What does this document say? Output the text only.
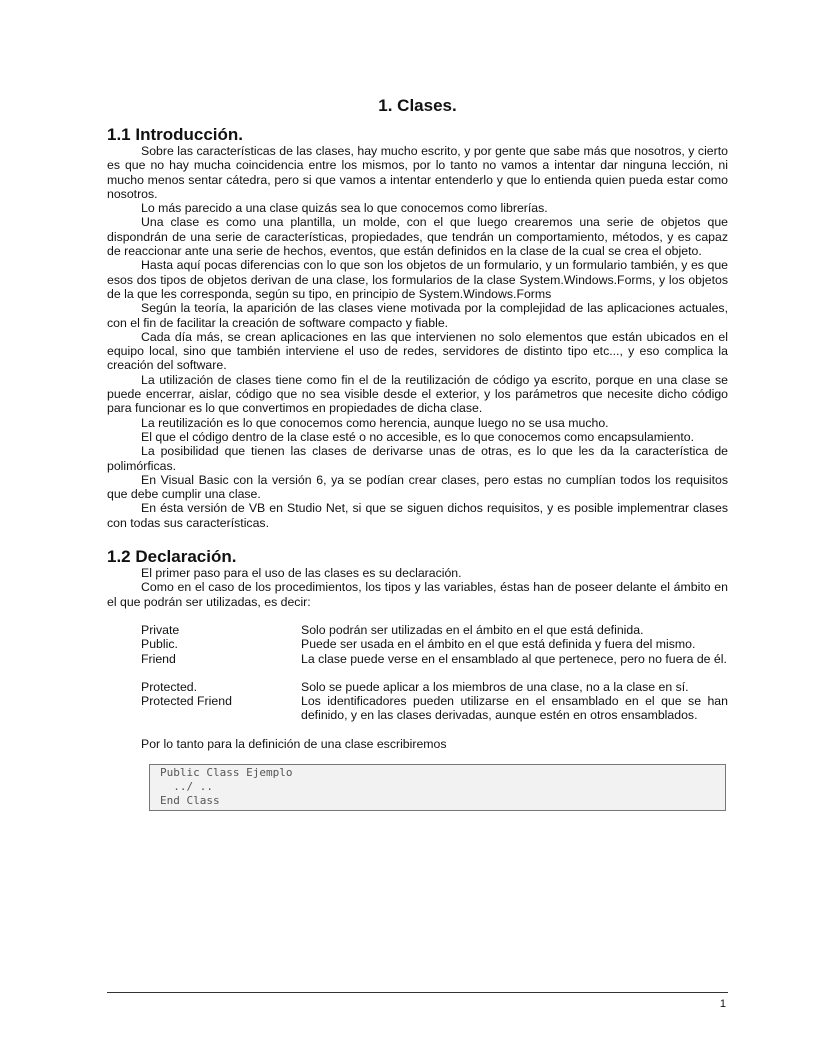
1. Clases.
1.1 Introducción.

Sobre las características de las clases, hay mucho escrito, y por gente que sabe más que nosotros, y cierto es que no hay mucha coincidencia entre los mismos, por lo tanto no vamos a intentar dar ninguna lección, ni mucho menos sentar cátedra, pero si que vamos a intentar entenderlo y que lo entienda quien pueda estar como nosotros.

Lo más parecido a una clase quizás sea lo que conocemos como librerías.

Una clase es como una plantilla, un molde, con el que luego crearemos una serie de objetos que dispondrán de una serie de características, propiedades, que tendrán un comportamiento, métodos, y es capaz de reaccionar ante una serie de hechos, eventos, que están definidos en la clase de la cual se crea el objeto.

Hasta aquí pocas diferencias con lo que son los objetos de un formulario, y un formulario también, y es que esos dos tipos de objetos derivan de una clase, los formularios de la clase System.Windows.Forms, y los objetos de la que les corresponda, según su tipo, en principio de System.Windows.Forms

Según la teoría, la aparición de las clases viene motivada por la complejidad de las aplicaciones actuales, con el fin de facilitar la creación de software compacto y fiable.

Cada día más, se crean aplicaciones en las que intervienen no solo elementos que están ubicados en el equipo local, sino que también interviene el uso de redes, servidores de distinto tipo etc..., y eso complica la creación del software.

La utilización de clases tiene como fin el de la reutilización de código ya escrito, porque en una clase se puede encerrar, aislar, código que no sea visible desde el exterior, y los parámetros que necesite dicho código para funcionar es lo que convertimos en propiedades de dicha clase.

La reutilización es lo que conocemos como herencia, aunque luego no se usa mucho.

El que el código dentro de la clase esté o no accesible, es lo que conocemos como encapsulamiento.

La posibilidad que tienen las clases de derivarse unas de otras, es lo que les da la característica de polimórficas.

En Visual Basic con la versión 6, ya se podían crear clases, pero estas no cumplían todos los requisitos que debe cumplir una clase.

En ésta versión de VB en Studio Net, si que se siguen dichos requisitos, y es posible implementrar clases con todas sus características.

1.2 Declaración.

El primer paso para el uso de las clases es su declaración.

Como en el caso de los procedimientos, los tipos y las variables, éstas han de poseer delante el ámbito en el que podrán ser utilizadas, es decir:

Private	Solo podrán ser utilizadas en el ámbito en el que está definida.
Public.	Puede ser usada en el ámbito en el que está definida y fuera del mismo.
Friend	La clase puede verse en el ensamblado al que pertenece, pero no fuera de él.
Protected.	Solo se puede aplicar a los miembros de una clase, no a la clase en sí.
Protected Friend	Los identificadores pueden utilizarse en el ensamblado en el que se han definido, y en las clases derivadas, aunque estén en otros ensamblados.

Por lo tanto para la definición de una clase escribiremos

Public Class Ejemplo
../ ..
End Class
1
